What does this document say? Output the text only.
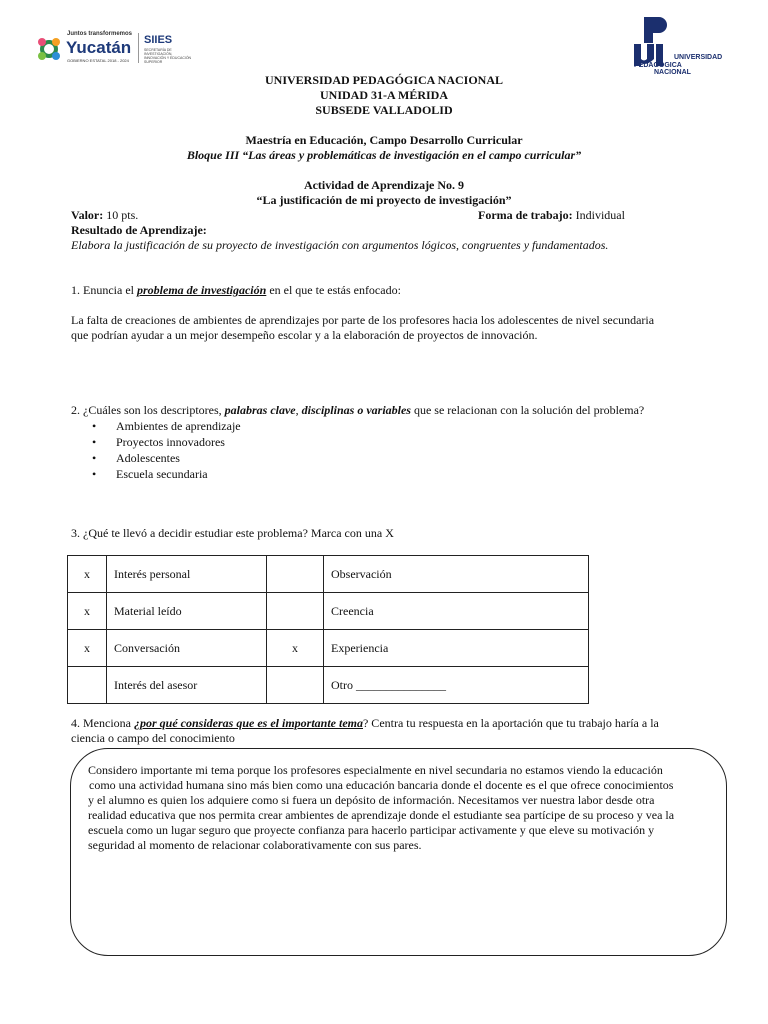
Juntos transformemos
Yucatán
GOBIERNO ESTATAL 2018 - 2024
SIIES
SECRETARÍA DE INVESTIGACIÓN,
INNOVACIÓN Y EDUCACIÓN
SUPERIOR
UNIVERSIDAD
PEDAGÓGICA
NACIONAL
UNIVERSIDAD PEDAGÓGICA NACIONAL
UNIDAD 31-A MÉRIDA
SUBSEDE VALLADOLID
Maestría en Educación, Campo Desarrollo Curricular
Bloque III “Las áreas y problemáticas de investigación en el campo curricular”
Actividad de Aprendizaje No. 9
“La justificación de mi proyecto de investigación”
Valor: 10 pts.	Forma de trabajo: Individual
Resultado de Aprendizaje:
Elabora la justificación de su proyecto de investigación con argumentos lógicos, congruentes y fundamentados.
1. Enuncia el problema de investigación en el que te estás enfocado:
La falta de creaciones de ambientes de aprendizajes por parte de los profesores hacia los adolescentes de nivel secundaria
que podrían ayudar a un mejor desempeño escolar y a la elaboración de proyectos de innovación.
2. ¿Cuáles son los descriptores, palabras clave, disciplinas o variables que se relacionan con la solución del problema?
• Ambientes de aprendizaje
• Proyectos innovadores
• Adolescentes
• Escuela secundaria
3. ¿Qué te llevó a decidir estudiar este problema? Marca con una X
x	Interés personal		Observación
x	Material leído		Creencia
x	Conversación	x	Experiencia
	Interés del asesor		Otro _______________
4. Menciona ¿por qué consideras que es el importante tema? Centra tu respuesta en la aportación que tu trabajo haría a la
ciencia o campo del conocimiento
Considero importante mi tema porque los profesores especialmente en nivel secundaria no estamos viendo la educación
como una actividad humana sino más bien como una educación bancaria donde el docente es el que ofrece conocimientos
y el alumno es quien los adquiere como si fuera un depósito de información. Necesitamos ver nuestra labor desde otra
realidad educativa que nos permita crear ambientes de aprendizaje donde el estudiante sea partícipe de su proceso y vea la
escuela como un lugar seguro que proyecte confianza para hacerlo participar activamente y que eleve su motivación y
seguridad al momento de relacionar colaborativamente con sus pares.
